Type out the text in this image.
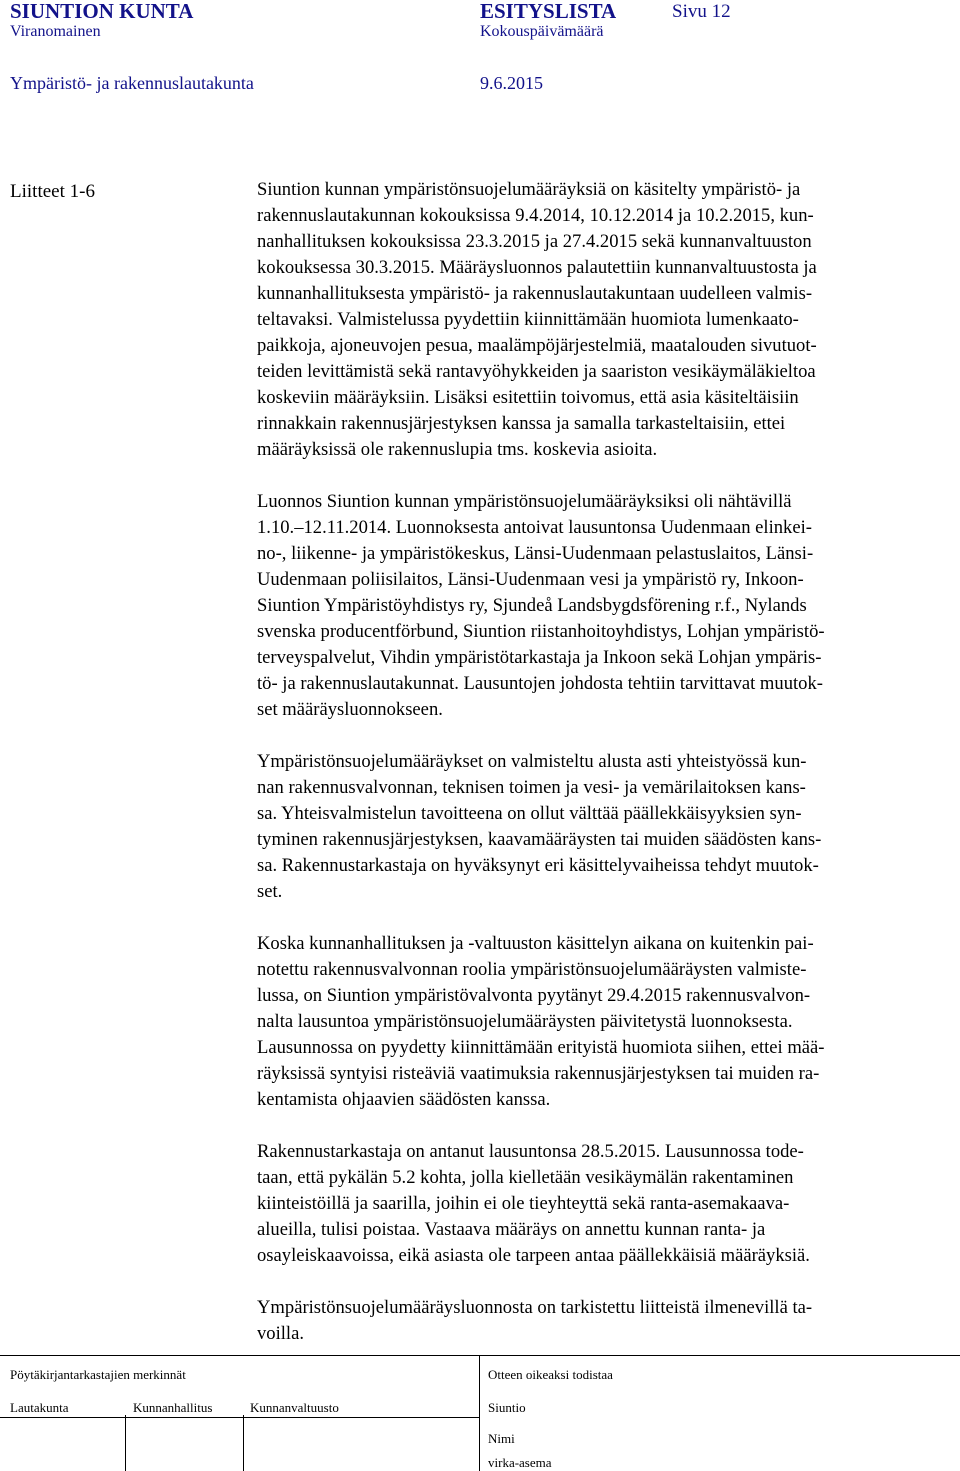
SIUNTION KUNTA	ESITYSLISTA	Sivu 12
Viranomainen	Kokouspäivämäärä
Ympäristö- ja rakennuslautakunta	9.6.2015
Liitteet 1-6	Siuntion kunnan ympäristönsuojelumääräyksiä on käsitelty ympäristö- ja
rakennuslautakunnan kokouksissa 9.4.2014, 10.12.2014 ja 10.2.2015, kun-
nanhallituksen kokouksissa 23.3.2015 ja 27.4.2015 sekä kunnanvaltuuston
kokouksessa 30.3.2015. Määräysluonnos palautettiin kunnanvaltuustosta ja
kunnanhallituksesta ympäristö- ja rakennuslautakuntaan uudelleen valmis-
teltavaksi. Valmistelussa pyydettiin kiinnittämään huomiota lumenkaato-
paikkoja, ajoneuvojen pesua, maalämpöjärjestelmiä, maatalouden sivutuot-
teiden levittämistä sekä rantavyöhykkeiden ja saariston vesikäymäläkieltoa
koskeviin määräyksiin. Lisäksi esitettiin toivomus, että asia käsiteltäisiin
rinnakkain rakennusjärjestyksen kanssa ja samalla tarkasteltaisiin, ettei
määräyksissä ole rakennuslupia tms. koskevia asioita.

Luonnos Siuntion kunnan ympäristönsuojelumääräyksiksi oli nähtävillä
1.10.–12.11.2014. Luonnoksesta antoivat lausuntonsa Uudenmaan elinkei-
no-, liikenne- ja ympäristökeskus, Länsi-Uudenmaan pelastuslaitos, Länsi-
Uudenmaan poliisilaitos, Länsi-Uudenmaan vesi ja ympäristö ry, Inkoon-
Siuntion Ympäristöyhdistys ry, Sjundeå Landsbygdsförening r.f., Nylands
svenska producentförbund, Siuntion riistanhoitoyhdistys, Lohjan ympäristö-
terveyspalvelut, Vihdin ympäristötarkastaja ja Inkoon sekä Lohjan ympäris-
tö- ja rakennuslautakunnat. Lausuntojen johdosta tehtiin tarvittavat muutok-
set määräysluonnokseen.

Ympäristönsuojelumääräykset on valmisteltu alusta asti yhteistyössä kun-
nan rakennusvalvonnan, teknisen toimen ja vesi- ja vemärilaitoksen kans-
sa. Yhteisvalmistelun tavoitteena on ollut välttää päällekkäisyyksien syn-
tyminen rakennusjärjestyksen, kaavamääräysten tai muiden säädösten kans-
sa. Rakennustarkastaja on hyväksynyt eri käsittelyvaiheissa tehdyt muutok-
set.

Koska kunnanhallituksen ja -valtuuston käsittelyn aikana on kuitenkin pai-
notettu rakennusvalvonnan roolia ympäristönsuojelumääräysten valmiste-
lussa, on Siuntion ympäristövalvonta pyytänyt 29.4.2015 rakennusvalvon-
nalta lausuntoa ympäristönsuojelumääräysten päivitetystä luonnoksesta.
Lausunnossa on pyydetty kiinnittämään erityistä huomiota siihen, ettei mää-
räyksissä syntyisi risteäviä vaatimuksia rakennusjärjestyksen tai muiden ra-
kentamista ohjaavien säädösten kanssa.

Rakennustarkastaja on antanut lausuntonsa 28.5.2015. Lausunnossa tode-
taan, että pykälän 5.2 kohta, jolla kielletään vesikäymälän rakentaminen
kiinteistöillä ja saarilla, joihin ei ole tieyhteyttä sekä ranta-asemakaava-
alueilla, tulisi poistaa. Vastaava määräys on annettu kunnan ranta- ja
osayleiskaavoissa, eikä asiasta ole tarpeen antaa päällekkäisiä määräyksiä.

Ympäristönsuojelumääräysluonnosta on tarkistettu liitteistä ilmenevillä ta-
voilla.

Pöytäkirjantarkastajien merkinnät
Lautakunta	Kunnanhallitus	Kunnanvaltuusto
Otteen oikeaksi todistaa
Siuntio
Nimi
virka-asema
